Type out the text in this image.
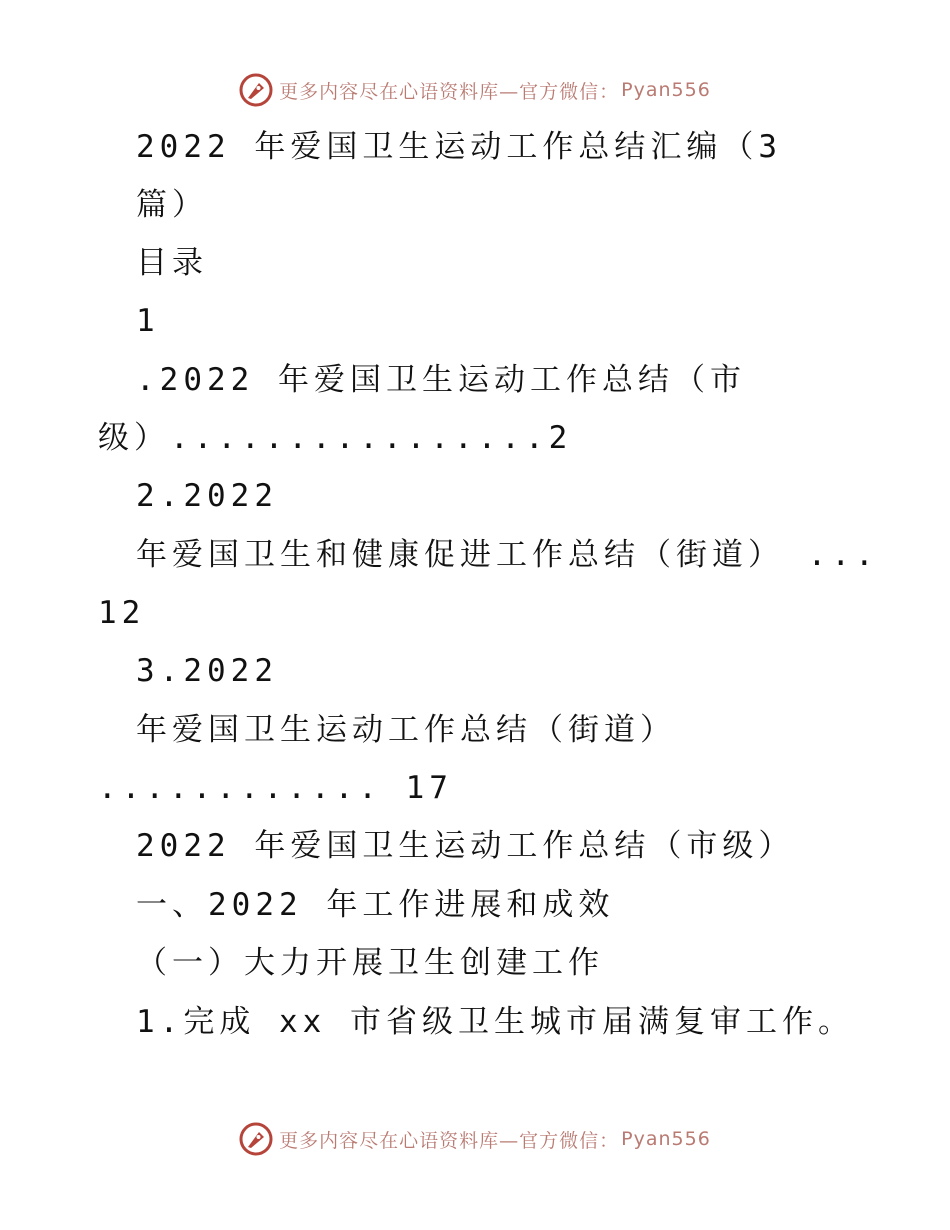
更多内容尽在心语资料库—官方微信： Pyan556
2022 年爱国卫生运动工作总结汇编（3
篇）
目录
1
.2022 年爱国卫生运动工作总结（市
级）................2
2.2022
年爱国卫生和健康促进工作总结（街道） ...
12
3.2022
年爱国卫生运动工作总结（街道）
............ 17
2022 年爱国卫生运动工作总结（市级）
一、2022 年工作进展和成效
（一）大力开展卫生创建工作
1.完成 xx 市省级卫生城市届满复审工作。
更多内容尽在心语资料库—官方微信： Pyan556
